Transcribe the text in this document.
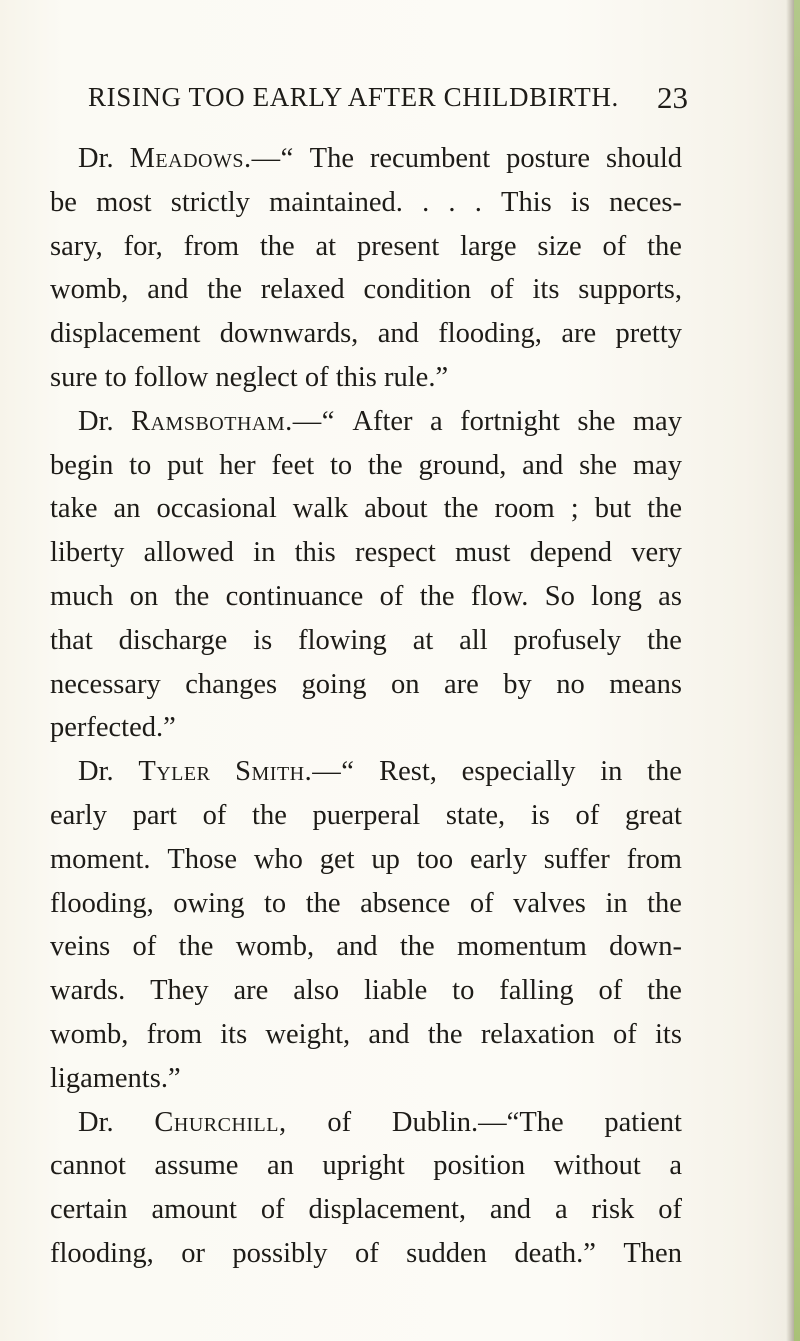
RISING TOO EARLY AFTER CHILDBIRTH. 23
Dr. Meadows.—“ The recumbent posture should
be most strictly maintained. . . . This is neces-
sary, for, from the at present large size of the
womb, and the relaxed condition of its supports,
displacement downwards, and flooding, are pretty
sure to follow neglect of this rule.”
Dr. Ramsbotham.—“ After a fortnight she may
begin to put her feet to the ground, and she may
take an occasional walk about the room ; but the
liberty allowed in this respect must depend very
much on the continuance of the flow. So long as
that discharge is flowing at all profusely the
necessary changes going on are by no means
perfected.”
Dr. Tyler Smith.—“ Rest, especially in the
early part of the puerperal state, is of great
moment. Those who get up too early suffer from
flooding, owing to the absence of valves in the
veins of the womb, and the momentum down-
wards. They are also liable to falling of the
womb, from its weight, and the relaxation of its
ligaments.”
Dr. Churchill, of Dublin.—“The patient
cannot assume an upright position without a
certain amount of displacement, and a risk of
flooding, or possibly of sudden death.” Then
